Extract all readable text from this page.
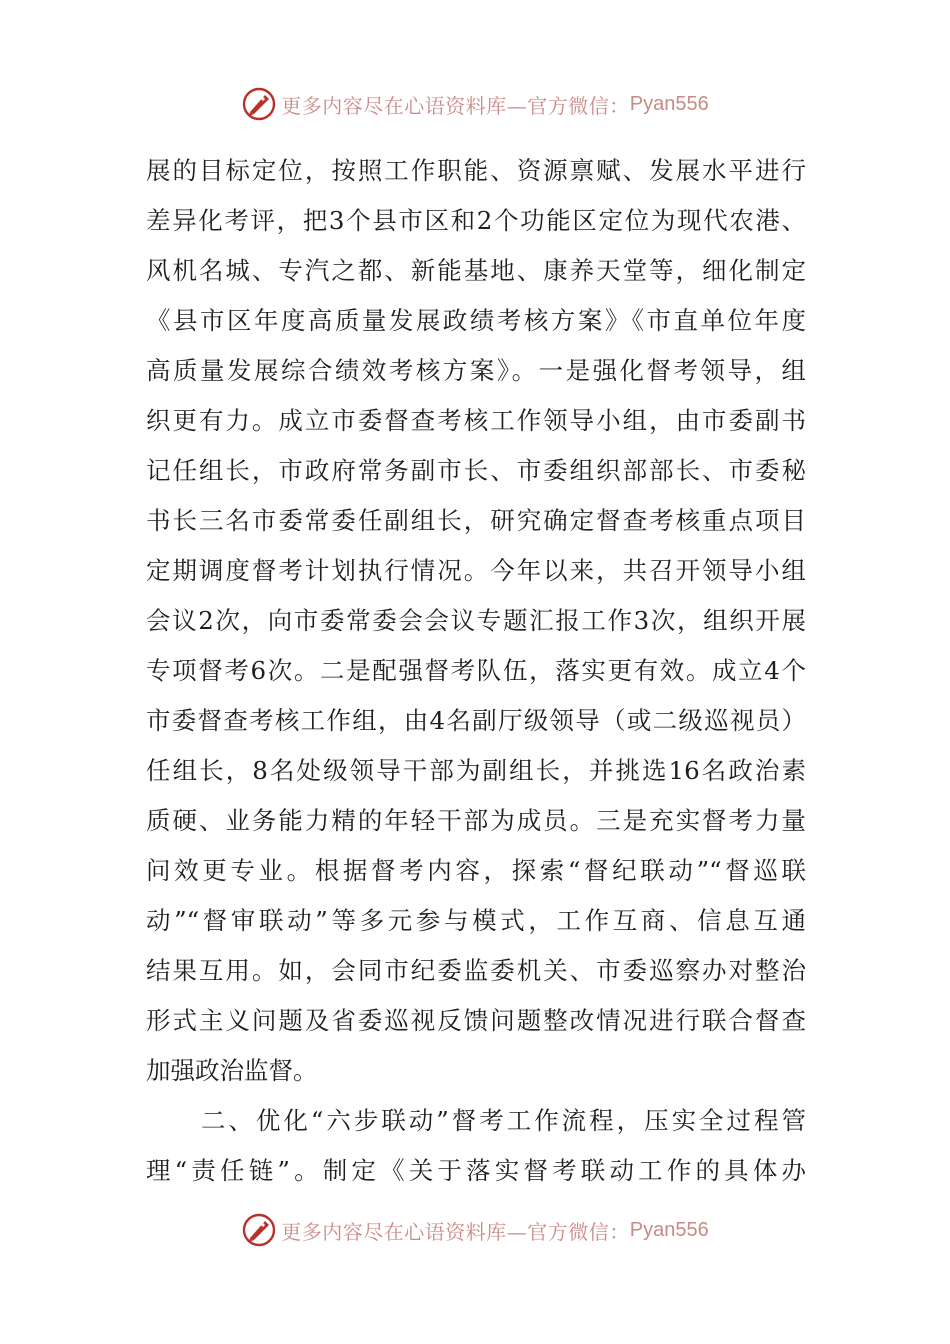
更多内容尽在心语资料库—官方微信： Pyan556
展的目标定位，按照工作职能、资源禀赋、发展水平进行
差异化考评，把3个县市区和2个功能区定位为现代农港、
风机名城、专汽之都、新能基地、康养天堂等，细化制定
《县市区年度高质量发展政绩考核方案》《市直单位年度
高质量发展综合绩效考核方案》。一是强化督考领导，组
织更有力。成立市委督查考核工作领导小组，由市委副书
记任组长，市政府常务副市长、市委组织部部长、市委秘
书长三名市委常委任副组长，研究确定督查考核重点项目
定期调度督考计划执行情况。今年以来，共召开领导小组
会议2次，向市委常委会会议专题汇报工作3次，组织开展
专项督考6次。二是配强督考队伍，落实更有效。成立4个
市委督查考核工作组，由4名副厅级领导（或二级巡视员）
任组长，8名处级领导干部为副组长，并挑选16名政治素
质硬、业务能力精的年轻干部为成员。三是充实督考力量
问效更专业。根据督考内容，探索“督纪联动”“督巡联
动”“督审联动”等多元参与模式，工作互商、信息互通
结果互用。如，会同市纪委监委机关、市委巡察办对整治
形式主义问题及省委巡视反馈问题整改情况进行联合督查
加强政治监督。
　　二、优化“六步联动”督考工作流程，压实全过程管
理“责任链”。制定《关于落实督考联动工作的具体办
更多内容尽在心语资料库—官方微信： Pyan556
